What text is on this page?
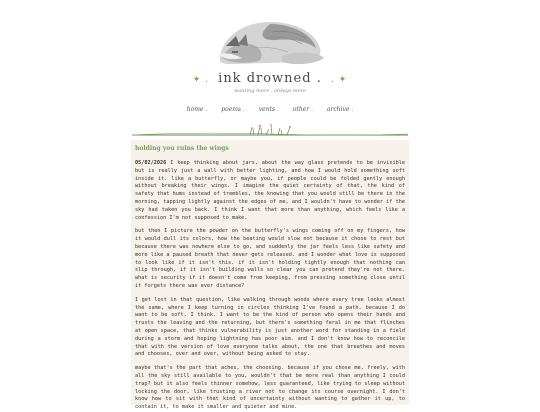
✦ . ink drowned . . ✦
wanting more , always more
home .	poems .	vents .	other .	archive .
holding you ruins the wings

05/02/2026 I keep thinking about jars, about the way glass pretends to be invisible but is really just a wall with better lighting, and how I would hold something soft inside it. like a butterfly, or maybe you, if people could be folded gently enough without breaking their wings. I imagine the quiet certainty of that, the kind of safety that hums instead of trembles, the knowing that you would still be there in the morning, tapping lightly against the edges of me, and I wouldn't have to wonder if the sky had taken you back. I think I want that more than anything, which feels like a confession I'm not supposed to make.

but then I picture the powder on the butterfly's wings coming off on my fingers, how it would dull its colors, how the beating would slow not because it chose to rest but because there was nowhere else to go, and suddenly the jar feels less like safety and more like a paused breath that never gets released. and I wonder what love is supposed to look like if it isn't this. if it isn't holding tightly enough that nothing can slip through, if it isn't building walls so clear you can pretend they're not there. what is security if it doesn't come from keeping, from pressing something close until it forgets there was ever distance?

I get lost in that question, like walking through woods where every tree looks almost the same, where I keep turning in circles thinking I've found a path. because I do want to be soft, I think. I want to be the kind of person who opens their hands and trusts the leaving and the returning, but there's something feral in me that flinches at open space, that thinks vulnerability is just another word for standing in a field during a storm and hoping lightning has poor aim. and I don't know how to reconcile that with the version of love everyone talks about, the one that breathes and moves and chooses, over and over, without being asked to stay.

maybe that's the part that aches, the choosing. because if you chose me, freely, with all the sky still available to you, wouldn't that be more real than anything I could trap? but it also feels thinner somehow, less guaranteed, like trying to sleep without locking the door, like trusting a river not to change its course overnight. I don't know how to sit with that kind of uncertainty without wanting to gather it up, to contain it, to make it smaller and quieter and mine.
